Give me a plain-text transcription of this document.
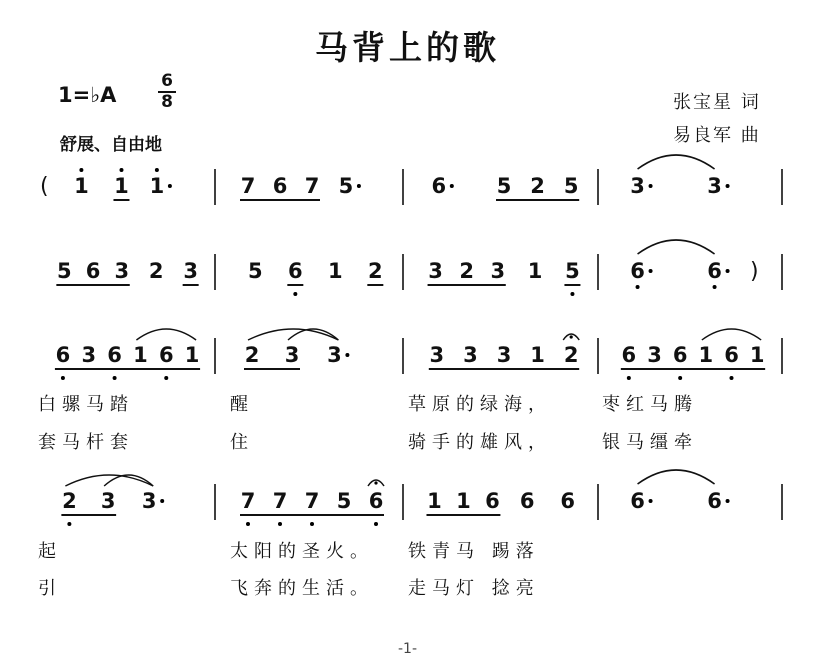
马背上的歌
1=♭A
6
8
舒展、自由地
张宝星 词
易良军 曲
( 1 1 1	7 6 7 5	6 5 2 5 3	3
5 6 3 2 3 5 6 1 2 3 2 3 1 5 6	6 )
6 3 6 1 6 1 2 3 3	3 3 3 1 2 6 3 6 1 6 1
白骡马踏	醒	草原的绿海，	枣红马腾
套马杆套	住	骑手的雄风，	银马缰牵
2 3 3	7 7 7 5 6 1 1 6 6 6	6	6
起	太阳的圣火。 铁青马 踢落
引	飞奔的生活。 走马灯 捻亮
-1-
